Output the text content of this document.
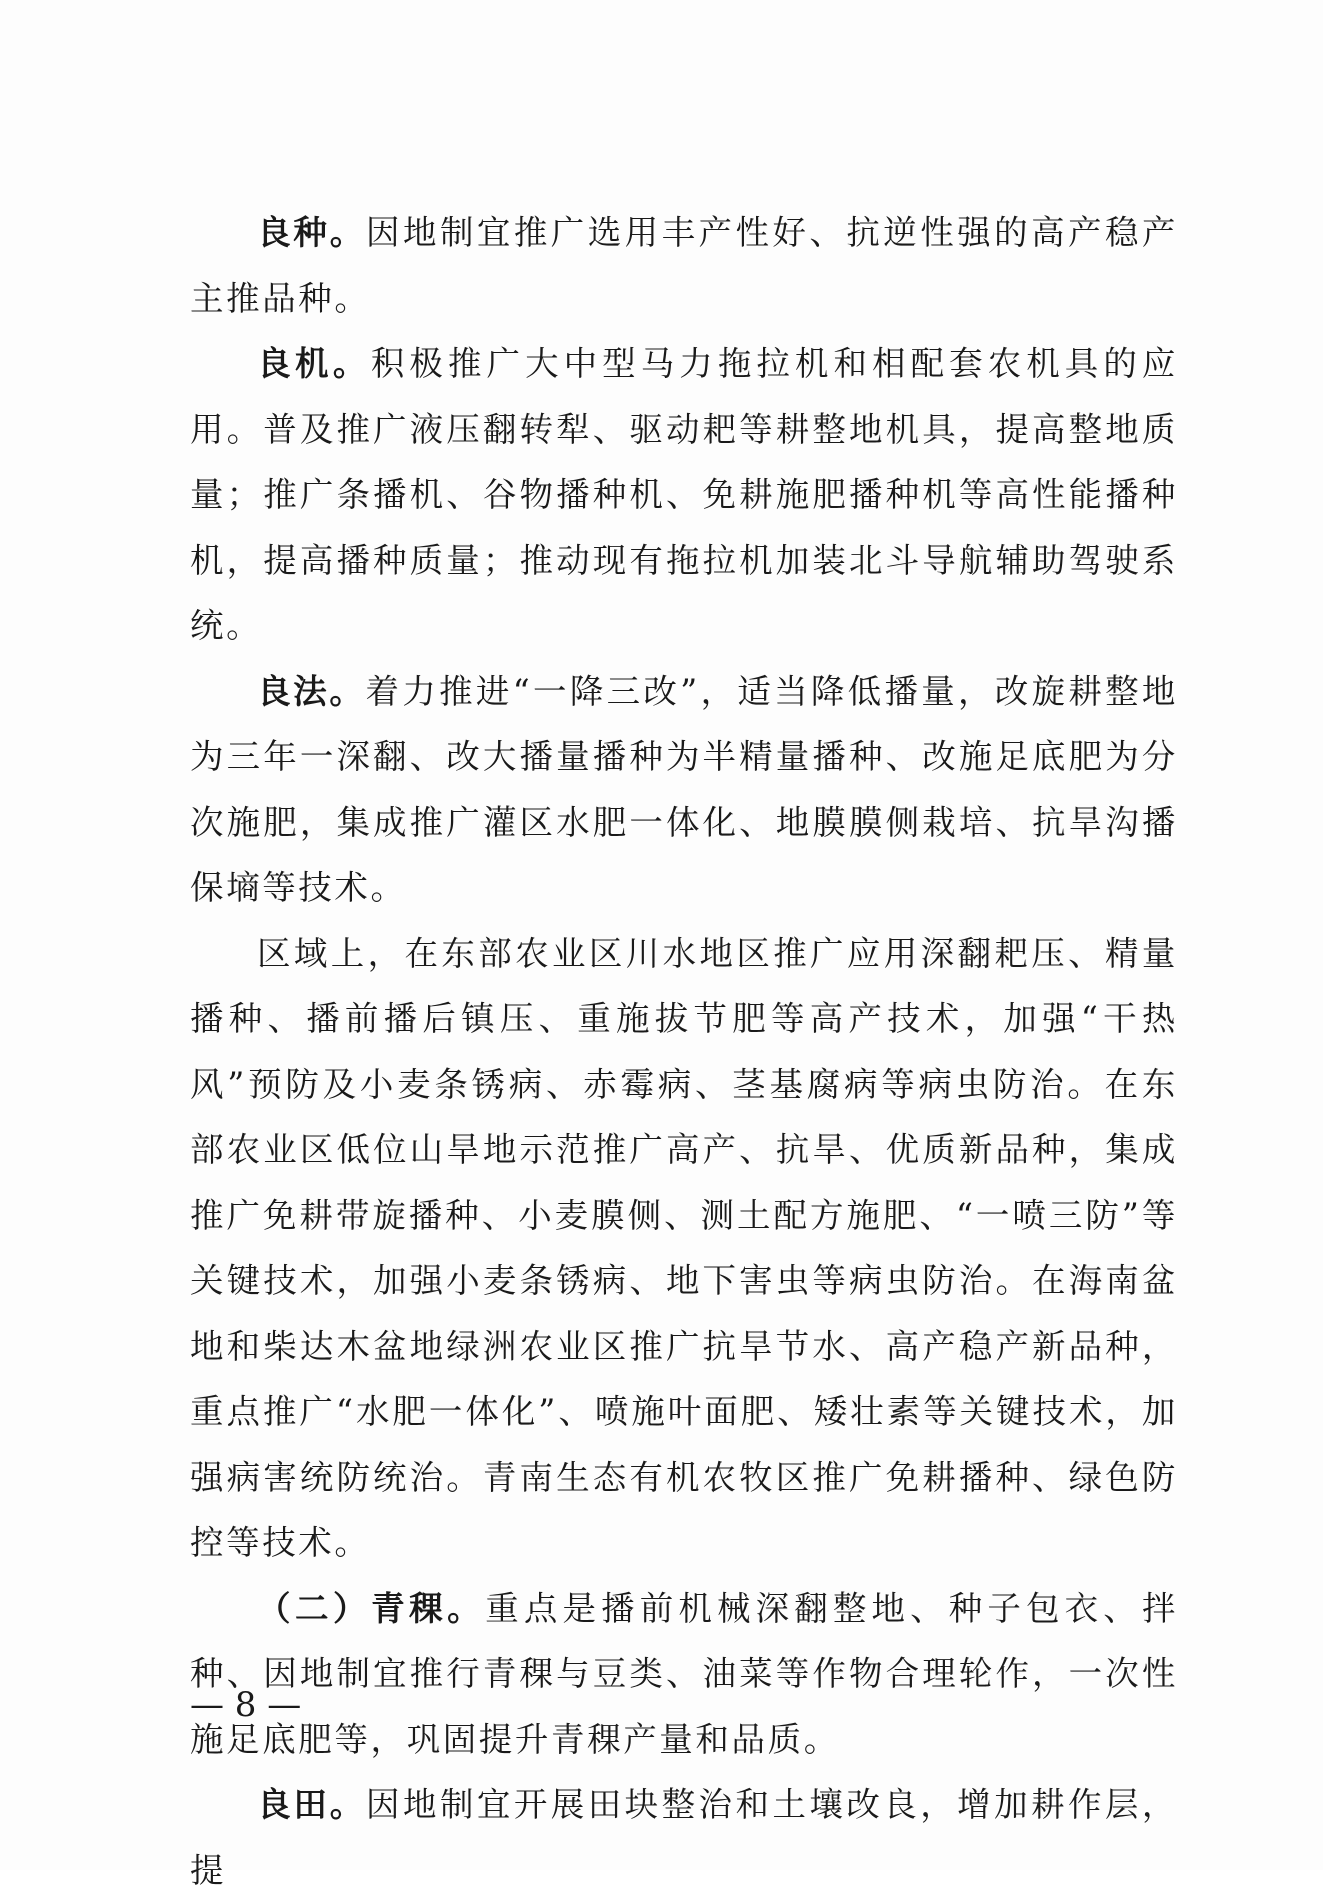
良种。因地制宜推广选用丰产性好、抗逆性强的高产稳产主推品种。

良机。积极推广大中型马力拖拉机和相配套农机具的应用。普及推广液压翻转犁、驱动耙等耕整地机具，提高整地质量；推广条播机、谷物播种机、免耕施肥播种机等高性能播种机，提高播种质量；推动现有拖拉机加装北斗导航辅助驾驶系统。

良法。着力推进“一降三改”，适当降低播量，改旋耕整地为三年一深翻、改大播量播种为半精量播种、改施足底肥为分次施肥，集成推广灌区水肥一体化、地膜膜侧栽培、抗旱沟播保墒等技术。

区域上，在东部农业区川水地区推广应用深翻耙压、精量播种、播前播后镇压、重施拔节肥等高产技术，加强“干热风”预防及小麦条锈病、赤霉病、茎基腐病等病虫防治。在东部农业区低位山旱地示范推广高产、抗旱、优质新品种，集成推广免耕带旋播种、小麦膜侧、测土配方施肥、“一喷三防”等关键技术，加强小麦条锈病、地下害虫等病虫防治。在海南盆地和柴达木盆地绿洲农业区推广抗旱节水、高产稳产新品种，重点推广“水肥一体化”、喷施叶面肥、矮壮素等关键技术，加强病害统防统治。青南生态有机农牧区推广免耕播种、绿色防控等技术。

（二）青稞。重点是播前机械深翻整地、种子包衣、拌种、因地制宜推行青稞与豆类、油菜等作物合理轮作，一次性施足底肥等，巩固提升青稞产量和品质。

良田。因地制宜开展田块整治和土壤改良，增加耕作层，提

— 8 —
